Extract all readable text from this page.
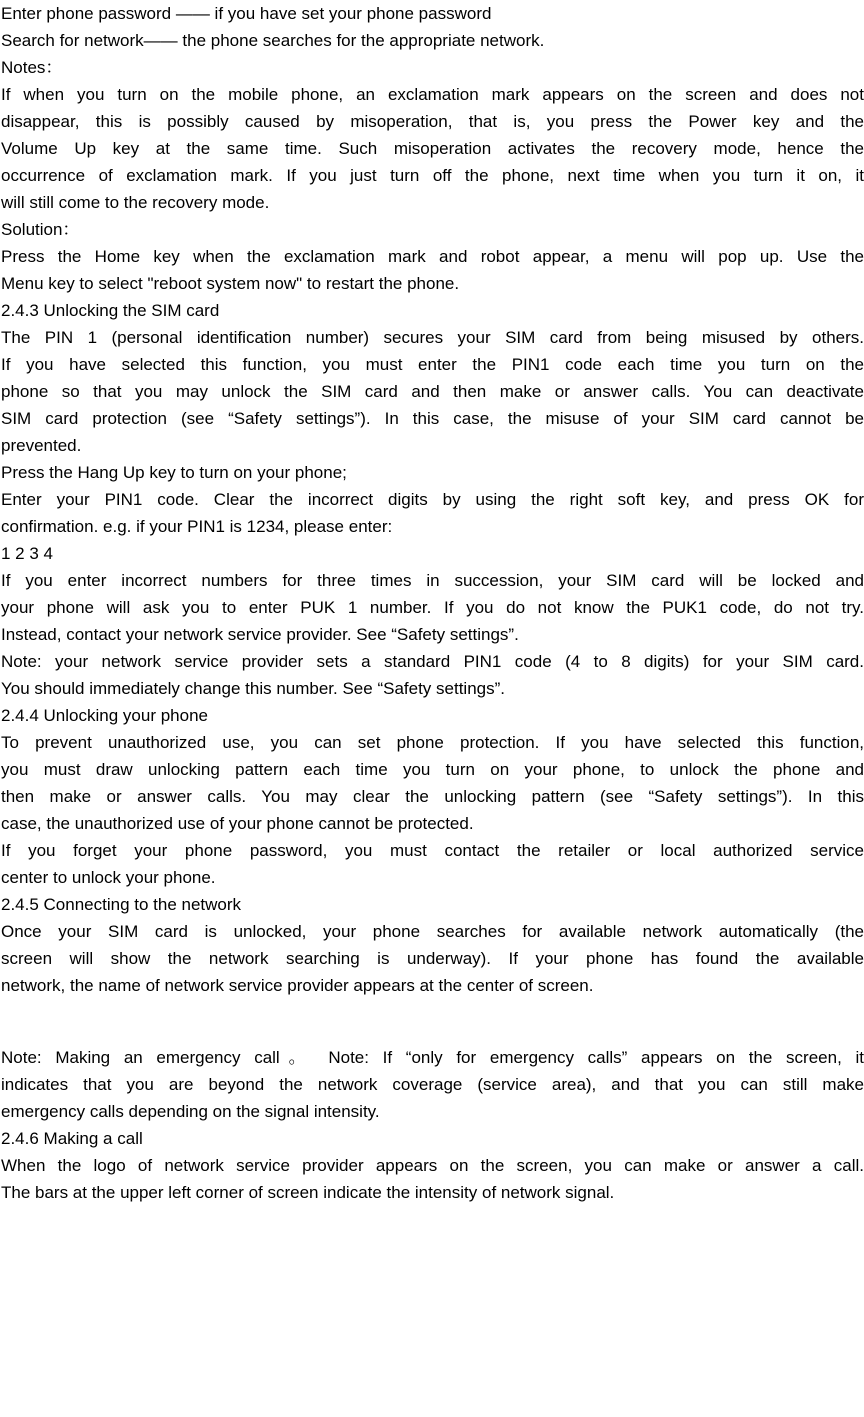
Enter phone password —— if you have set your phone password
Search for network—— the phone searches for the appropriate network.
Notes：
If when you turn on the mobile phone, an exclamation mark appears on the screen and does not
disappear, this is possibly caused by misoperation, that is, you press the Power key and the
Volume Up key at the same time. Such misoperation activates the recovery mode, hence the
occurrence of exclamation mark. If you just turn off the phone, next time when you turn it on, it
will still come to the recovery mode.
Solution：
Press the Home key when the exclamation mark and robot appear, a menu will pop up. Use the
Menu key to select "reboot system now" to restart the phone.
2.4.3 Unlocking the SIM card
The PIN 1 (personal identification number) secures your SIM card from being misused by others.
If you have selected this function, you must enter the PIN1 code each time you turn on the
phone so that you may unlock the SIM card and then make or answer calls. You can deactivate
SIM card protection (see “Safety settings”). In this case, the misuse of your SIM card cannot be
prevented.
Press the Hang Up key to turn on your phone;
Enter your PIN1 code. Clear the incorrect digits by using the right soft key, and press OK for
confirmation. e.g. if your PIN1 is 1234, please enter:
1 2 3 4
If you enter incorrect numbers for three times in succession, your SIM card will be locked and
your phone will ask you to enter PUK 1 number. If you do not know the PUK1 code, do not try.
Instead, contact your network service provider. See “Safety settings”.
Note: your network service provider sets a standard PIN1 code (4 to 8 digits) for your SIM card.
You should immediately change this number. See “Safety settings”.
2.4.4 Unlocking your phone
To prevent unauthorized use, you can set phone protection. If you have selected this function,
you must draw unlocking pattern each time you turn on your phone, to unlock the phone and
then make or answer calls. You may clear the unlocking pattern (see “Safety settings”). In this
case, the unauthorized use of your phone cannot be protected.
If you forget your phone password, you must contact the retailer or local authorized service
center to unlock your phone.
2.4.5 Connecting to the network
Once your SIM card is unlocked, your phone searches for available network automatically (the
screen will show the network searching is underway). If your phone has found the available
network, the name of network service provider appears at the center of screen.
Note: Making an emergency call。 Note: If “only for emergency calls” appears on the screen, it
indicates that you are beyond the network coverage (service area), and that you can still make
emergency calls depending on the signal intensity.
2.4.6 Making a call
When the logo of network service provider appears on the screen, you can make or answer a call.
The bars at the upper left corner of screen indicate the intensity of network signal.
